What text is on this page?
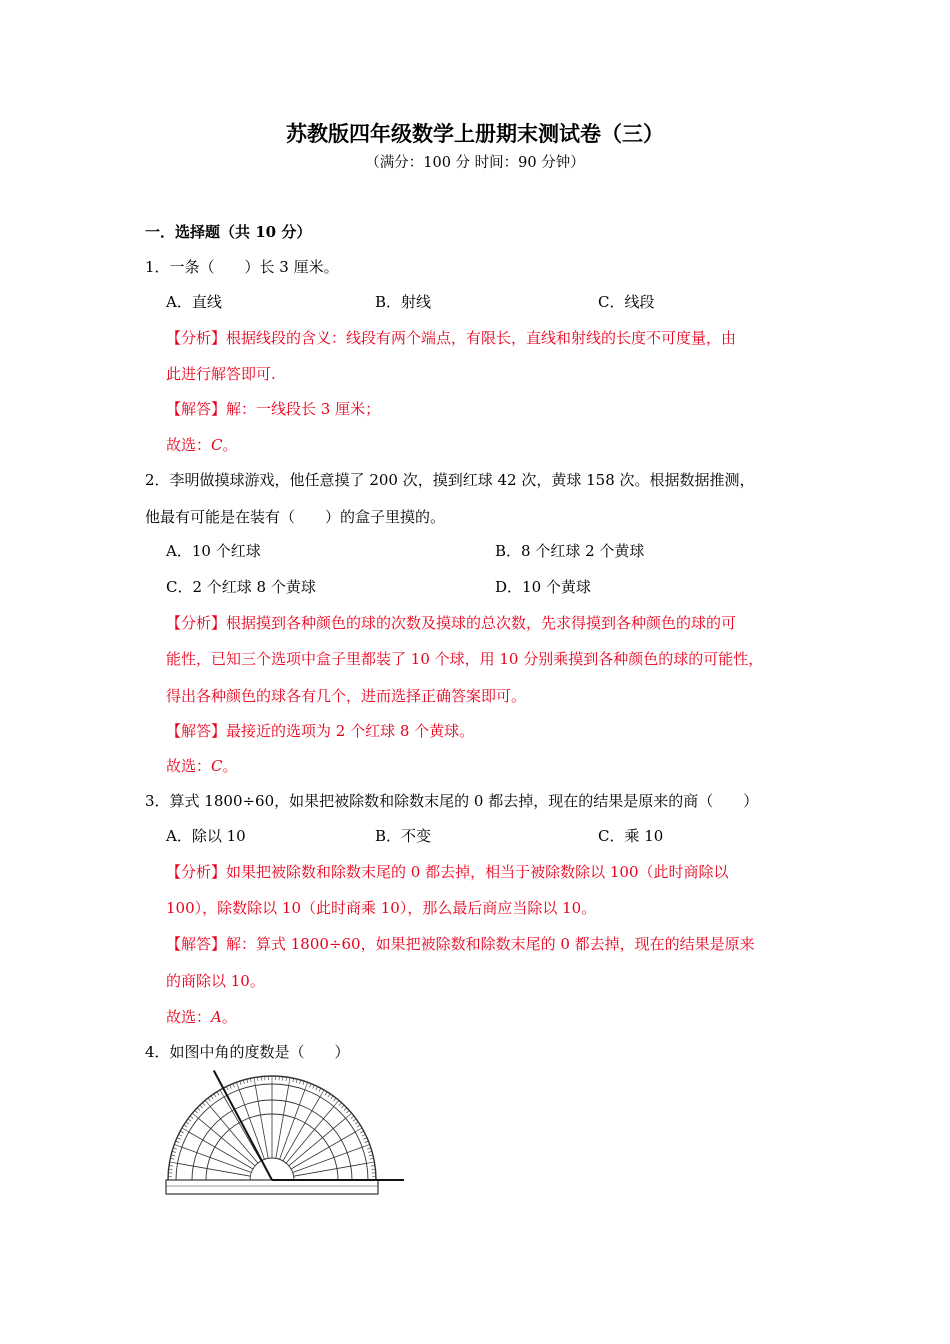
苏教版四年级数学上册期末测试卷（三）
（满分：100 分 时间：90 分钟）
一．选择题（共 10 分）
1．一条（　　）长 3 厘米。
A．直线	B．射线	C．线段
【分析】根据线段的含义：线段有两个端点，有限长，直线和射线的长度不可度量，由
此进行解答即可.
【解答】解：一线段长 3 厘米；
故选：C。
2．李明做摸球游戏，他任意摸了 200 次，摸到红球 42 次，黄球 158 次。根据数据推测，
他最有可能是在装有（　　）的盒子里摸的。
A．10 个红球	B．8 个红球 2 个黄球
C．2 个红球 8 个黄球	D．10 个黄球
【分析】根据摸到各种颜色的球的次数及摸球的总次数，先求得摸到各种颜色的球的可
能性，已知三个选项中盒子里都装了 10 个球，用 10 分别乘摸到各种颜色的球的可能性，
得出各种颜色的球各有几个，进而选择正确答案即可。
【解答】最接近的选项为 2 个红球 8 个黄球。
故选：C。
3．算式 1800÷60，如果把被除数和除数末尾的 0 都去掉，现在的结果是原来的商（　　）
A．除以 10	B．不变	C．乘 10
【分析】如果把被除数和除数末尾的 0 都去掉，相当于被除数除以 100（此时商除以
100），除数除以 10（此时商乘 10），那么最后商应当除以 10。
【解答】解：算式 1800÷60，如果把被除数和除数末尾的 0 都去掉，现在的结果是原来
的商除以 10。
故选：A。
4．如图中角的度数是（　　）
